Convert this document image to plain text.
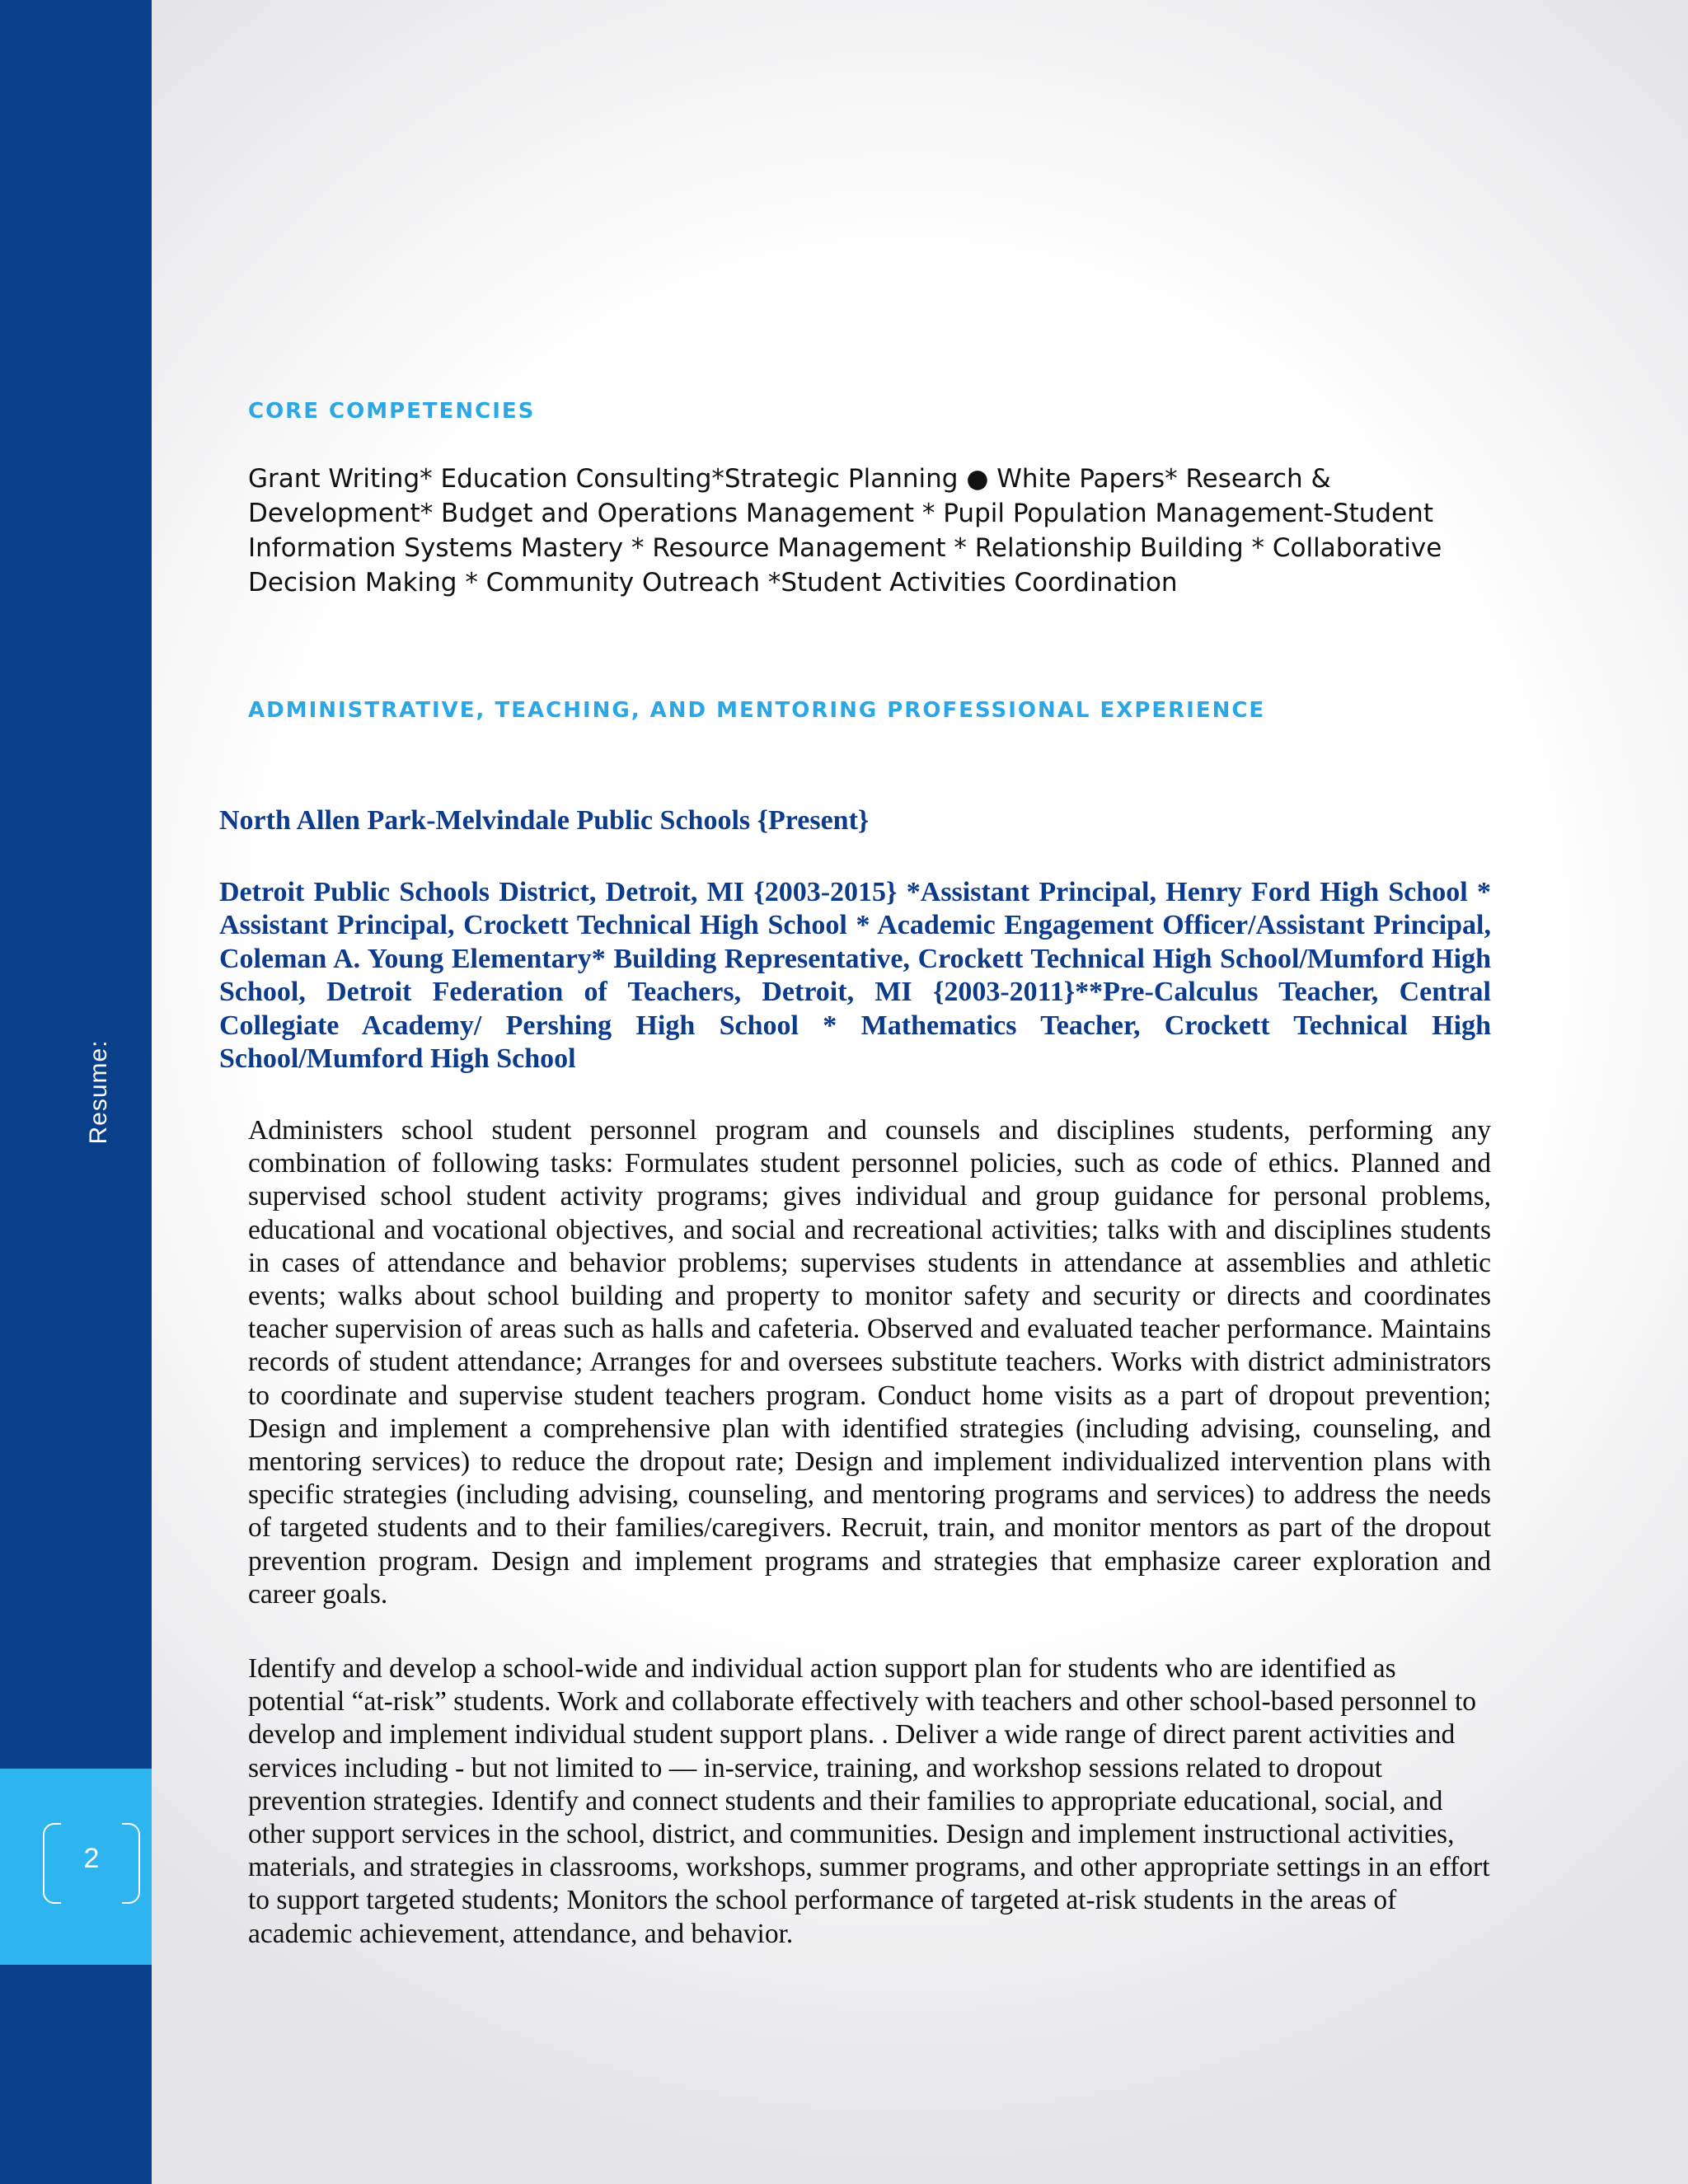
Resume:
2
CORE COMPETENCIES
Grant Writing* Education Consulting*Strategic Planning ● White Papers* Research & Development* Budget and Operations Management * Pupil Population Management-Student Information Systems Mastery * Resource Management * Relationship Building * Collaborative Decision Making * Community Outreach *Student Activities Coordination
ADMINISTRATIVE, TEACHING, AND MENTORING PROFESSIONAL EXPERIENCE
North Allen Park-Melvindale Public Schools {Present}
Detroit Public Schools District, Detroit, MI {2003-2015} *Assistant Principal, Henry Ford High School * Assistant Principal, Crockett Technical High School * Academic Engagement Officer/Assistant Principal, Coleman A. Young Elementary* Building Representative, Crockett Technical High School/Mumford High School, Detroit Federation of Teachers, Detroit, MI {2003-2011}**Pre-Calculus Teacher, Central Collegiate Academy/ Pershing High School * Mathematics Teacher, Crockett Technical High School/Mumford High School
Administers school student personnel program and counsels and disciplines students, performing any combination of following tasks: Formulates student personnel policies, such as code of ethics. Planned and supervised school student activity programs; gives individual and group guidance for personal problems, educational and vocational objectives, and social and recreational activities; talks with and disciplines students in cases of attendance and behavior problems; supervises students in attendance at assemblies and athletic events; walks about school building and property to monitor safety and security or directs and coordinates teacher supervision of areas such as halls and cafeteria. Observed and evaluated teacher performance. Maintains records of student attendance; Arranges for and oversees substitute teachers. Works with district administrators to coordinate and supervise student teachers program. Conduct home visits as a part of dropout prevention; Design and implement a comprehensive plan with identified strategies (including advising, counseling, and mentoring services) to reduce the dropout rate; Design and implement individualized intervention plans with specific strategies (including advising, counseling, and mentoring programs and services) to address the needs of targeted students and to their families/caregivers. Recruit, train, and monitor mentors as part of the dropout prevention program. Design and implement programs and strategies that emphasize career exploration and career goals.
Identify and develop a school-wide and individual action support plan for students who are identified as potential “at-risk” students. Work and collaborate effectively with teachers and other school-based personnel to develop and implement individual student support plans. . Deliver a wide range of direct parent activities and services including - but not limited to — in-service, training, and workshop sessions related to dropout prevention strategies. Identify and connect students and their families to appropriate educational, social, and other support services in the school, district, and communities. Design and implement instructional activities, materials, and strategies in classrooms, workshops, summer programs, and other appropriate settings in an effort to support targeted students; Monitors the school performance of targeted at-risk students in the areas of academic achievement, attendance, and behavior.
